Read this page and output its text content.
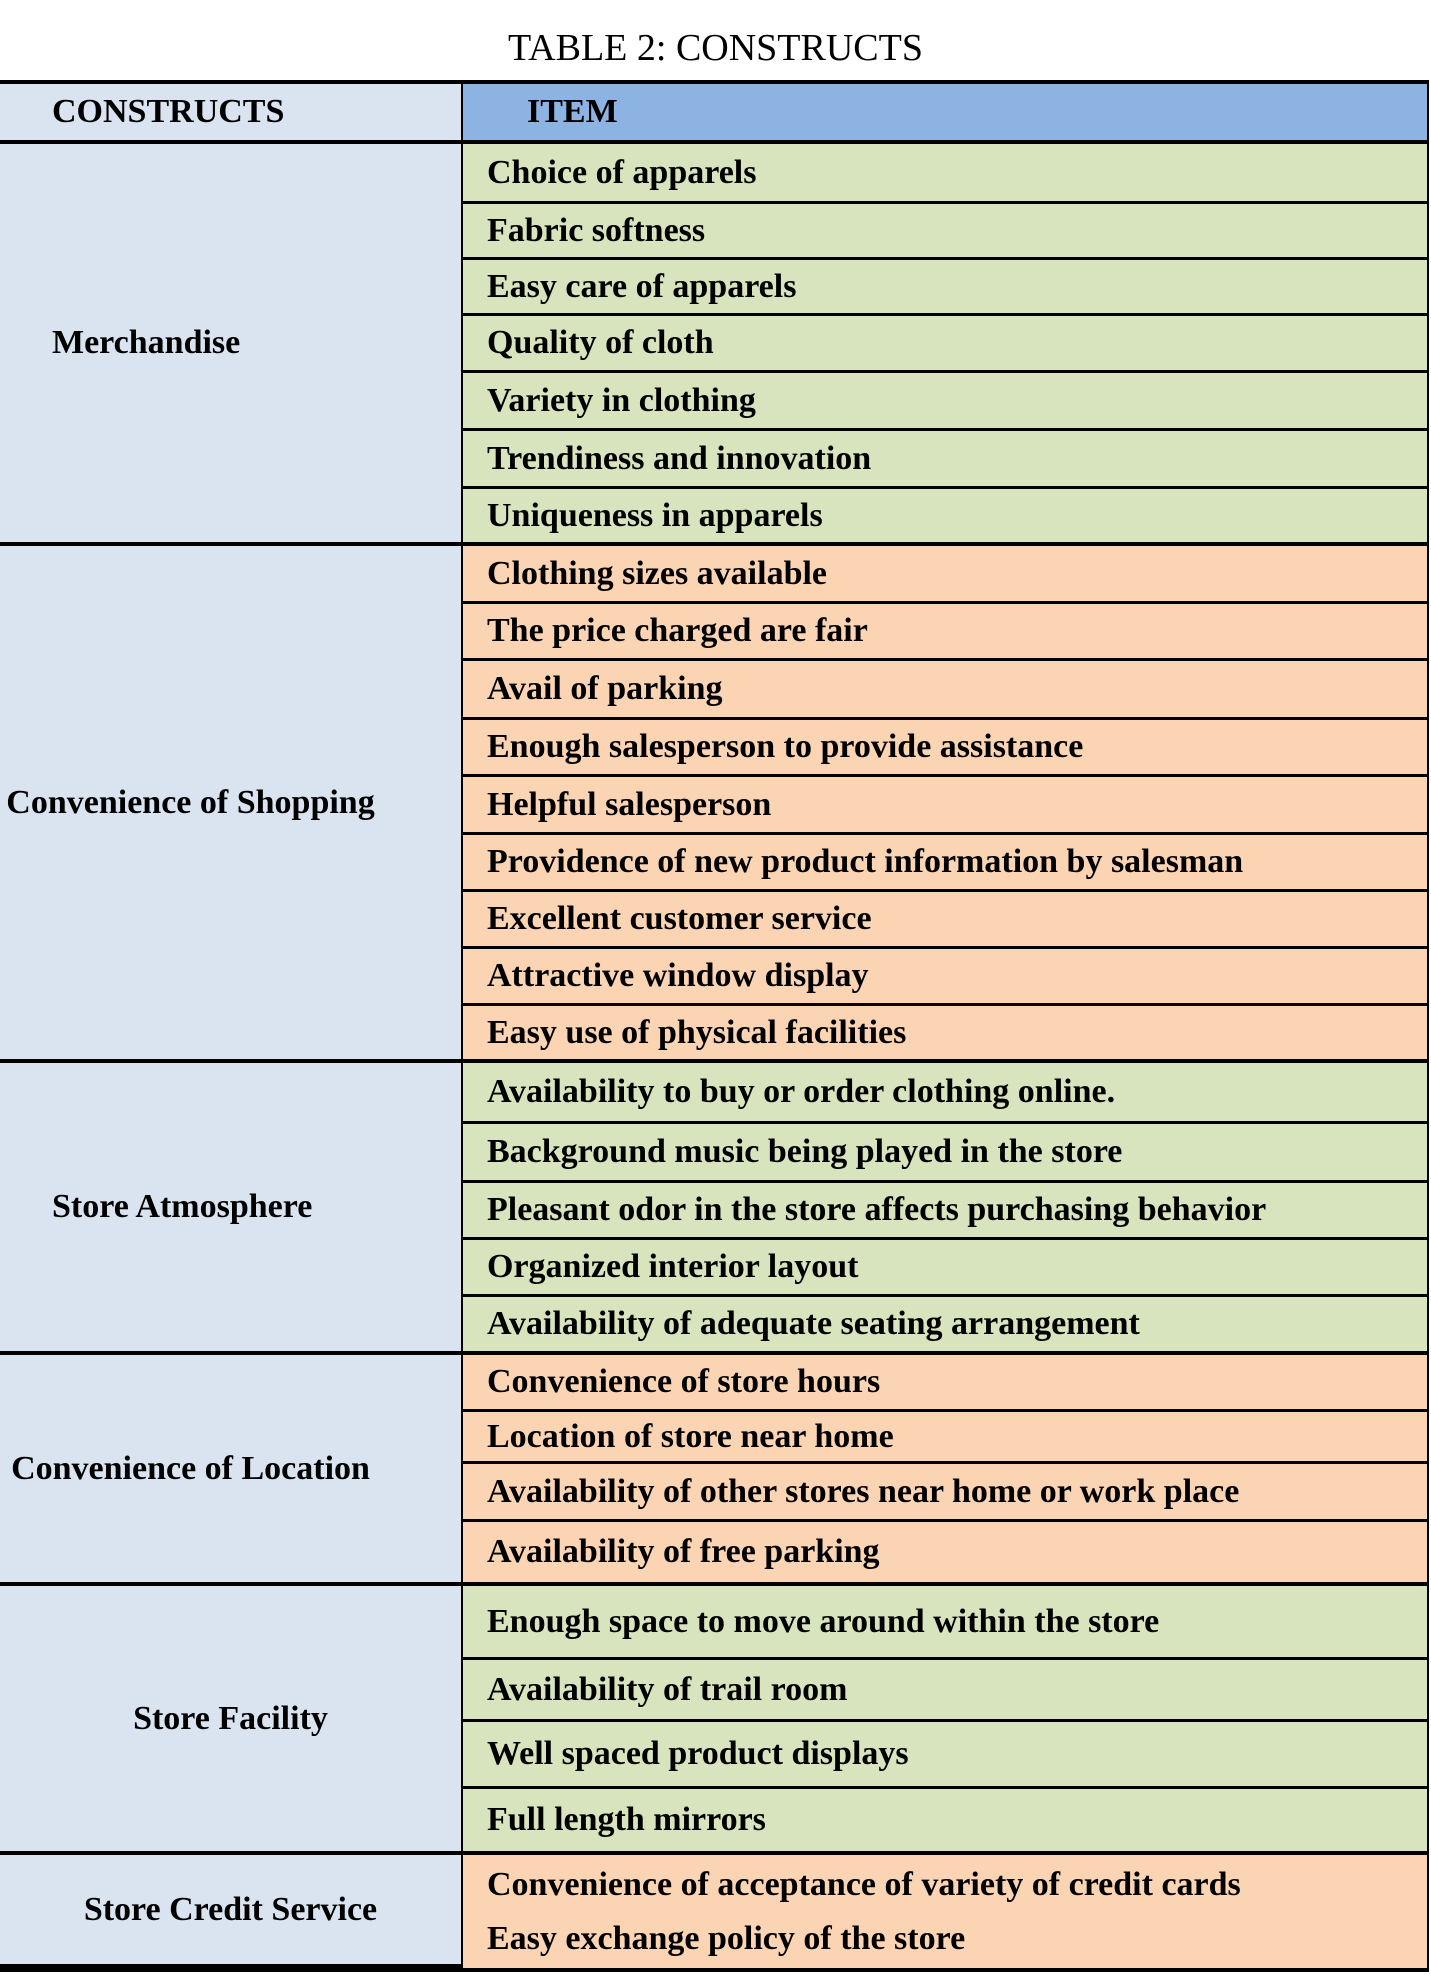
TABLE 2: CONSTRUCTS
CONSTRUCTS	ITEM
Merchandise
Choice of apparels
Fabric softness
Easy care of apparels
Quality of cloth
Variety in clothing
Trendiness and innovation
Uniqueness in apparels
Convenience of Shopping
Clothing sizes available
The price charged are fair
Avail of parking
Enough salesperson to provide assistance
Helpful salesperson
Providence of new product information by salesman
Excellent customer service
Attractive window display
Easy use of physical facilities
Store Atmosphere
Availability to buy or order clothing online.
Background music being played in the store
Pleasant odor in the store affects purchasing behavior
Organized interior layout
Availability of adequate seating arrangement
Convenience of Location
Convenience of store hours
Location of store near home
Availability of other stores near home or work place
Availability of free parking
Store Facility
Enough space to move around within the store
Availability of trail room
Well spaced product displays
Full length mirrors
Store Credit Service
Convenience of acceptance of variety of credit cards
Easy exchange policy of the store
